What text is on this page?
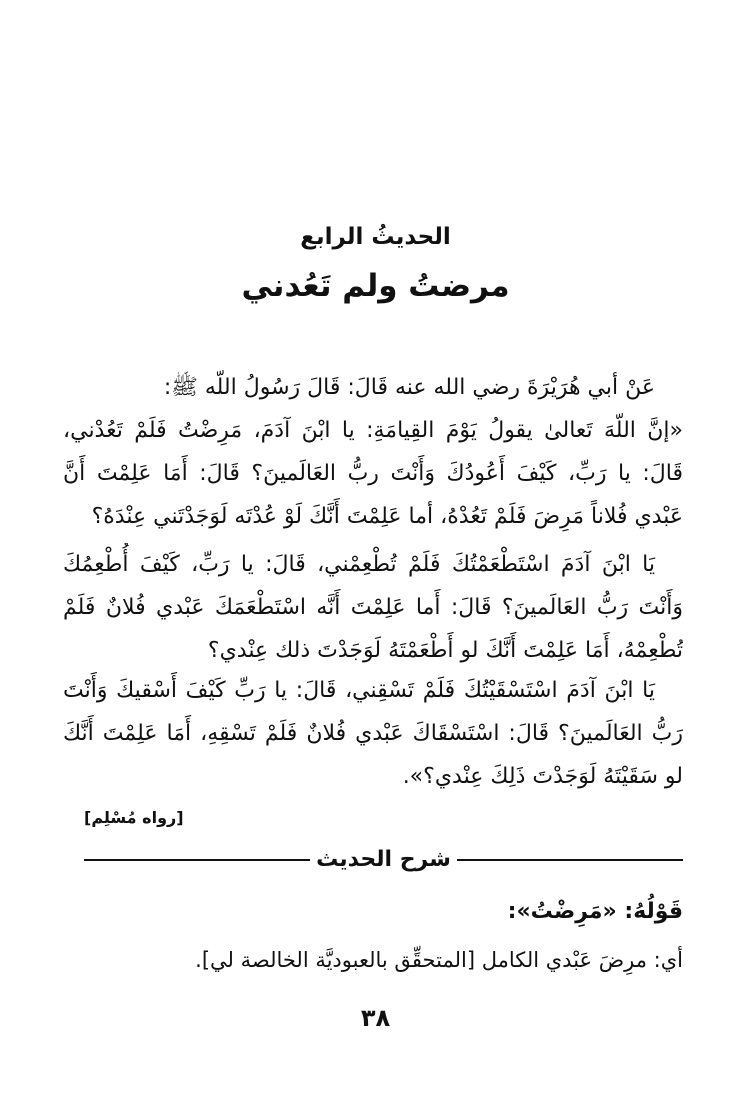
الحديثُ الرابع
مرضتُ ولم تَعُدني
عَنْ أبي هُرَيْرَةَ رضي الله عنه قَالَ: قَالَ رَسُولُ اللّه ﷺ:
«إنَّ اللّهَ تَعالىٰ يقولُ يَوْمَ القِيامَةِ: يا ابْنَ آدَمَ، مَرِضْتُ فَلَمْ تَعُدْني،
قَالَ: يا رَبِّ، كَيْفَ أَعُودُكَ وَأَنْتَ ربُّ العَالَمينَ؟ قَالَ: أَمَا عَلِمْتَ أَنَّ
عَبْدي فُلاناً مَرِضَ فَلَمْ تَعُدْهُ، أما عَلِمْتَ أَنَّكَ لَوْ عُدْتَه لَوَجَدْتَني عِنْدَهُ؟
يَا ابْنَ آدَمَ اسْتَطْعَمْتُكَ فَلَمْ تُطْعِمْني، قَالَ: يا رَبِّ، كَيْفَ أُطْعِمُكَ
وَأَنْتَ رَبُّ العَالَمينَ؟ قَالَ: أَما عَلِمْتَ أَنَّه اسْتَطْعَمَكَ عَبْدي فُلانٌ فَلَمْ
تُطْعِمْهُ، أَمَا عَلِمْتَ أَنَّكَ لو أَطْعَمْتَهُ لَوَجَدْتَ ذلك عِنْدي؟
يَا ابْنَ آدَمَ اسْتَسْقَيْتُكَ فَلَمْ تَسْقِني، قَالَ: يا رَبِّ كَيْفَ أَسْقيكَ وَأَنْتَ
رَبُّ العَالَمينَ؟ قَالَ: اسْتَسْقَاكَ عَبْدي فُلانٌ فَلَمْ تَسْقِهِ، أَمَا عَلِمْتَ أَنَّكَ
لو سَقَيْتَهُ لَوَجَدْتَ ذَلِكَ عِنْدي؟».
[رواه مُسْلِم]
شرح الحديث
قَوْلُهُ: «مَرِضْتُ»:
أي: مرِضَ عَبْدي الكامل [المتحقِّق بالعبوديَّة الخالصة لي].
٣٨
